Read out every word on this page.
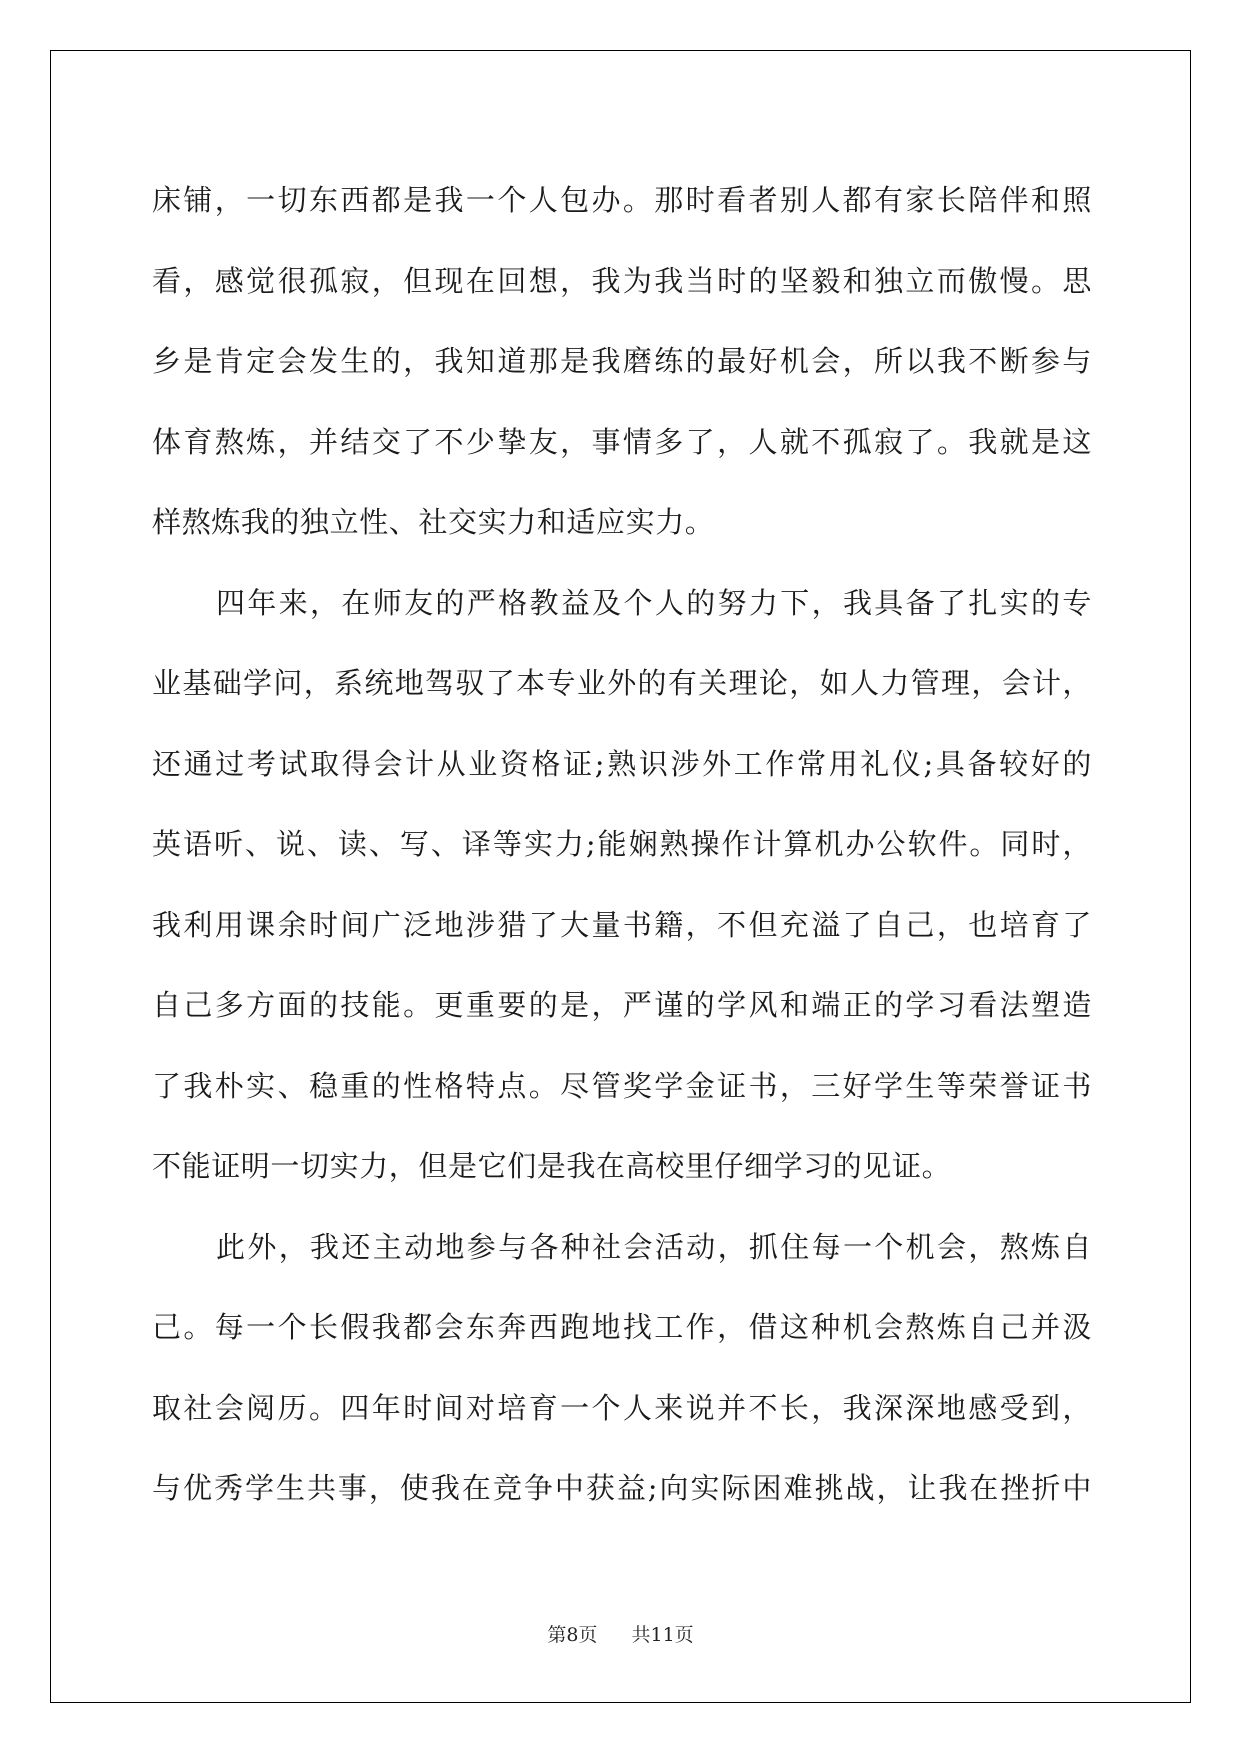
床铺，一切东西都是我一个人包办。那时看者别人都有家长陪伴和照
看，感觉很孤寂，但现在回想，我为我当时的坚毅和独立而傲慢。思
乡是肯定会发生的，我知道那是我磨练的最好机会，所以我不断参与
体育熬炼，并结交了不少挚友，事情多了，人就不孤寂了。我就是这
样熬炼我的独立性、社交实力和适应实力。
四年来，在师友的严格教益及个人的努力下，我具备了扎实的专
业基础学问，系统地驾驭了本专业外的有关理论，如人力管理，会计，
还通过考试取得会计从业资格证;熟识涉外工作常用礼仪;具备较好的
英语听、说、读、写、译等实力;能娴熟操作计算机办公软件。同时，
我利用课余时间广泛地涉猎了大量书籍，不但充溢了自己，也培育了
自己多方面的技能。更重要的是，严谨的学风和端正的学习看法塑造
了我朴实、稳重的性格特点。尽管奖学金证书，三好学生等荣誉证书
不能证明一切实力，但是它们是我在高校里仔细学习的见证。
此外，我还主动地参与各种社会活动，抓住每一个机会，熬炼自
己。每一个长假我都会东奔西跑地找工作，借这种机会熬炼自己并汲
取社会阅历。四年时间对培育一个人来说并不长，我深深地感受到，
与优秀学生共事，使我在竞争中获益;向实际困难挑战，让我在挫折中
第8页 共11页
